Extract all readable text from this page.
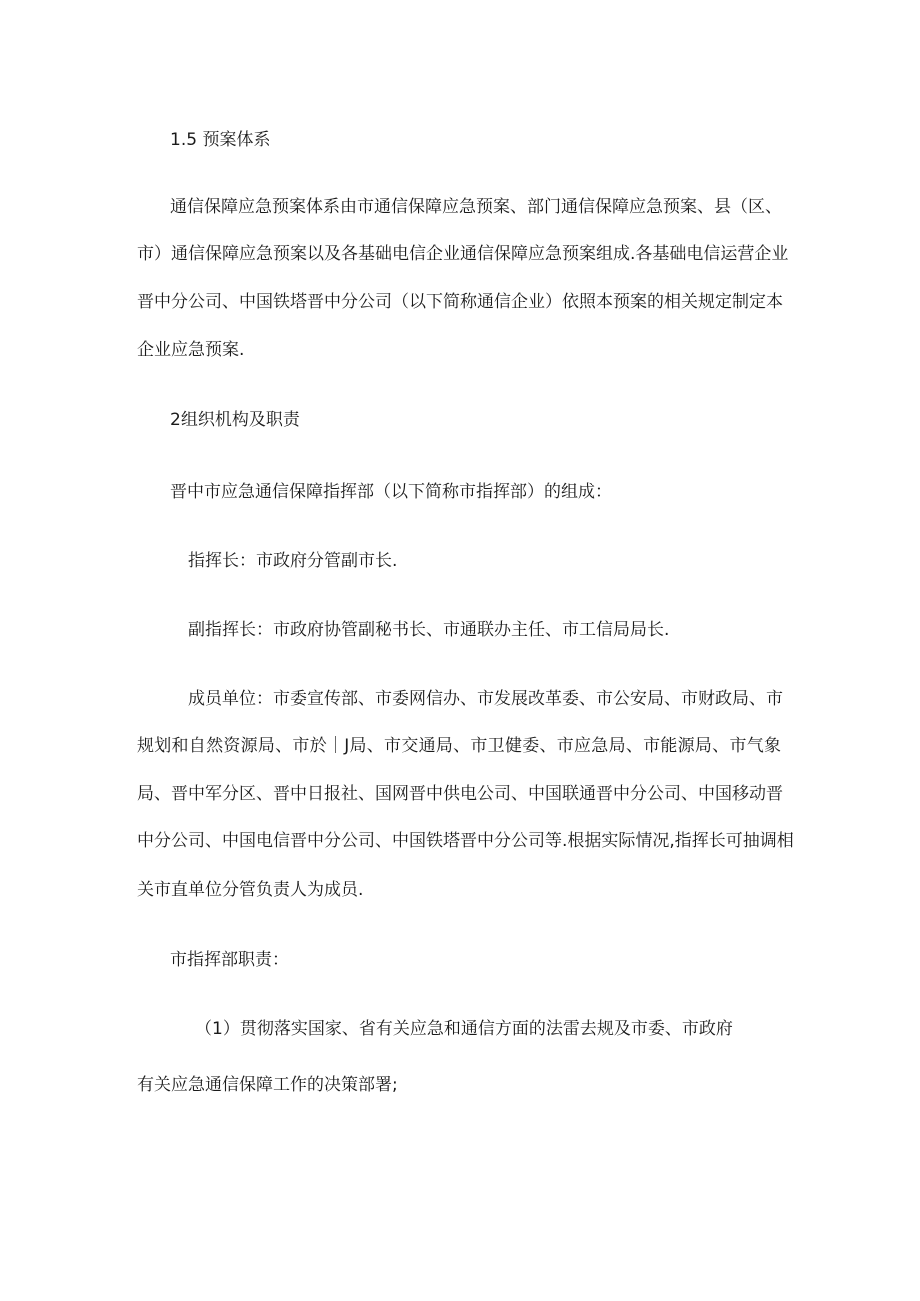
1.5 预案体系
通信保障应急预案体系由市通信保障应急预案、部门通信保障应急预案、县（区、
市）通信保障应急预案以及各基础电信企业通信保障应急预案组成.各基础电信运营企业
晋中分公司、中国铁塔晋中分公司（以下简称通信企业）依照本预案的相关规定制定本
企业应急预案.
2组织机构及职责
晋中市应急通信保障指挥部（以下简称市指挥部）的组成：
指挥长：市政府分管副市长.
副指挥长：市政府协管副秘书长、市通联办主任、市工信局局长.
成员单位：市委宣传部、市委网信办、市发展改革委、市公安局、市财政局、市
规划和自然资源局、市於｜J局、市交通局、市卫健委、市应急局、市能源局、市气象
局、晋中军分区、晋中日报社、国网晋中供电公司、中国联通晋中分公司、中国移动晋
中分公司、中国电信晋中分公司、中国铁塔晋中分公司等.根据实际情况,指挥长可抽调相
关市直单位分管负责人为成员.
市指挥部职责：
（1）贯彻落实国家、省有关应急和通信方面的法雷去规及市委、市政府
有关应急通信保障工作的决策部署;
